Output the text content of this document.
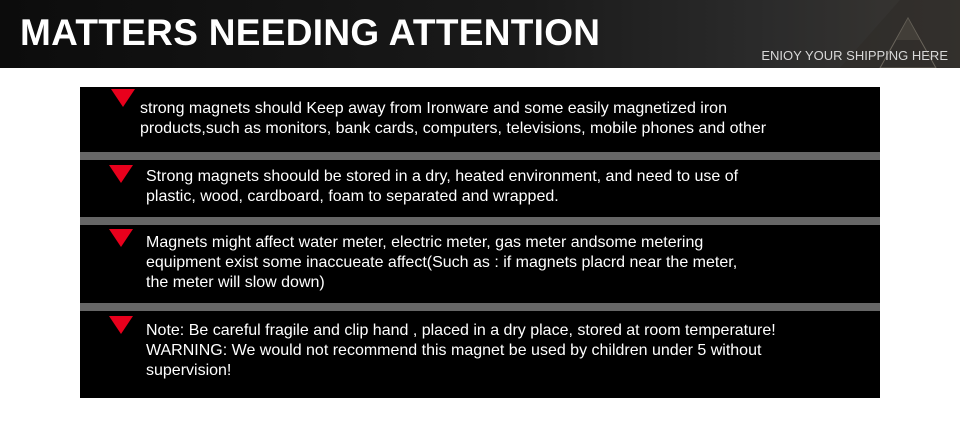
MATTERS NEEDING ATTENTION
ENIOY YOUR SHIPPING HERE
strong magnets should Keep away from Ironware and some easily magnetized iron
products,such as monitors, bank cards, computers, televisions, mobile phones and other
Strong magnets shoould be stored in a dry, heated environment, and need to use of
plastic, wood, cardboard, foam to separated and wrapped.
Magnets might affect water meter, electric meter, gas meter andsome metering
equipment exist some inaccueate affect(Such as : if magnets placrd near the meter,
the meter will slow down)
Note: Be careful fragile and clip hand , placed in a dry place, stored at room temperature!
WARNING: We would not recommend this magnet be used by children under 5 without
supervision!
